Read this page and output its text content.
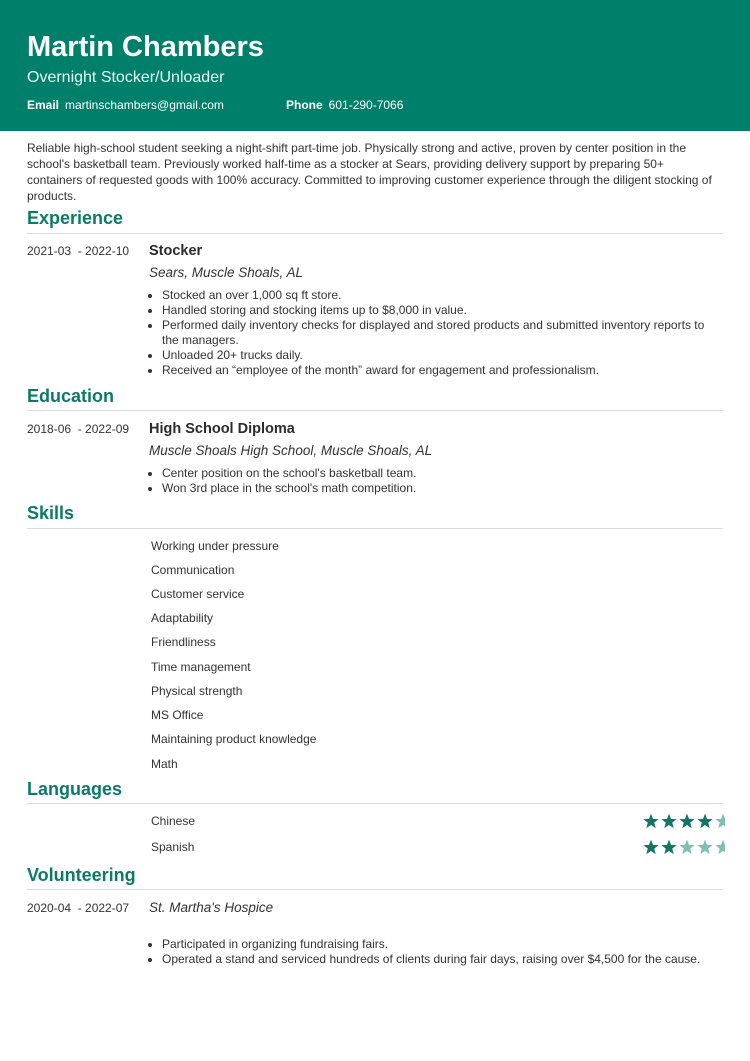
Martin Chambers
Overnight Stocker/Unloader
Email martinschambers@gmail.com	Phone 601-290-7066
Reliable high-school student seeking a night-shift part-time job. Physically strong and active, proven by center position in the school's basketball team. Previously worked half-time as a stocker at Sears, providing delivery support by preparing 50+ containers of requested goods with 100% accuracy. Committed to improving customer experience through the diligent stocking of products.
Experience
2021-03  - 2022-10 Stocker
Sears, Muscle Shoals, AL
• Stocked an over 1,000 sq ft store.
• Handled storing and stocking items up to $8,000 in value.
• Performed daily inventory checks for displayed and stored products and submitted inventory reports to the managers.
• Unloaded 20+ trucks daily.
• Received an “employee of the month” award for engagement and professionalism.
Education
2018-06  - 2022-09 High School Diploma
Muscle Shoals High School, Muscle Shoals, AL
• Center position on the school's basketball team.
• Won 3rd place in the school's math competition.
Skills
Working under pressure
Communication
Customer service
Adaptability
Friendliness
Time management
Physical strength
MS Office
Maintaining product knowledge
Math
Languages
Chinese
Spanish
Volunteering
2020-04  - 2022-07 St. Martha's Hospice
• Participated in organizing fundraising fairs.
• Operated a stand and serviced hundreds of clients during fair days, raising over $4,500 for the cause.
